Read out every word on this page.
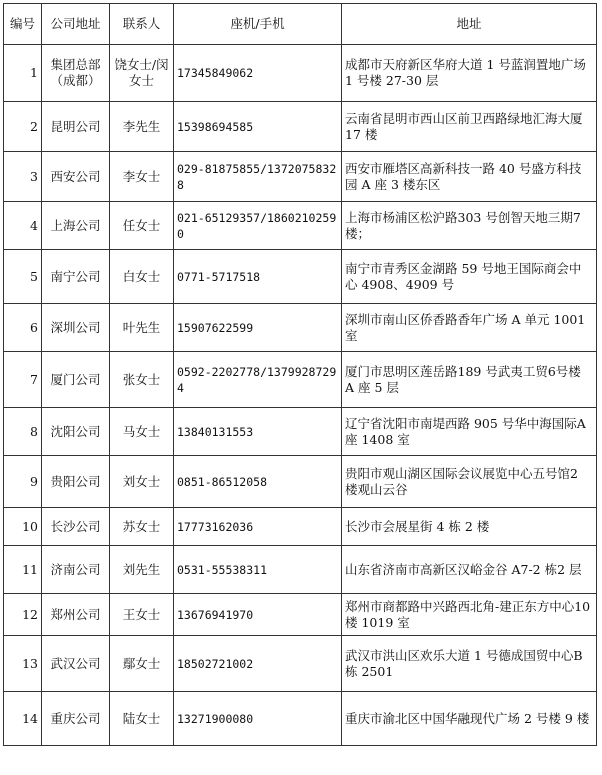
编号	公司地址	联系人	座机/手机	地址
1	集团总部（成都）	饶女士/闵女士	17345849062	成都市天府新区华府大道 1 号蓝润置地广场 1 号楼 27-30 层
2	昆明公司	李先生	15398694585	云南省昆明市西山区前卫西路绿地汇海大厦 17 楼
3	西安公司	李女士	029-81875855/13720758328	西安市雁塔区高新科技一路 40 号盛方科技园 A 座 3 楼东区
4	上海公司	任女士	021-65129357/18602102590	上海市杨浦区松沪路303 号创智天地三期7 楼；
5	南宁公司	白女士	0771-5717518	南宁市青秀区金湖路 59 号地王国际商会中心 4908、4909 号
6	深圳公司	叶先生	15907622599	深圳市南山区侨香路香年广场 A 单元 1001 室
7	厦门公司	张女士	0592-2202778/13799287294	厦门市思明区莲岳路189 号武夷工贸6号楼 A 座 5 层
8	沈阳公司	马女士	13840131553	辽宁省沈阳市南堤西路 905 号华中海国际A 座 1408 室
9	贵阳公司	刘女士	0851-86512058	贵阳市观山湖区国际会议展览中心五号馆2 楼观山云谷
10	长沙公司	苏女士	17773162036	长沙市会展星街 4 栋 2 楼
11	济南公司	刘先生	0531-55538311	山东省济南市高新区汉峪金谷 A7-2 栋2 层
12	郑州公司	王女士	13676941970	郑州市商都路中兴路西北角-建正东方中心10 楼 1019 室
13	武汉公司	鄢女士	18502721002	武汉市洪山区欢乐大道 1 号德成国贸中心B 栋 2501
14	重庆公司	陆女士	13271900080	重庆市渝北区中国华融现代广场 2 号楼 9 楼
